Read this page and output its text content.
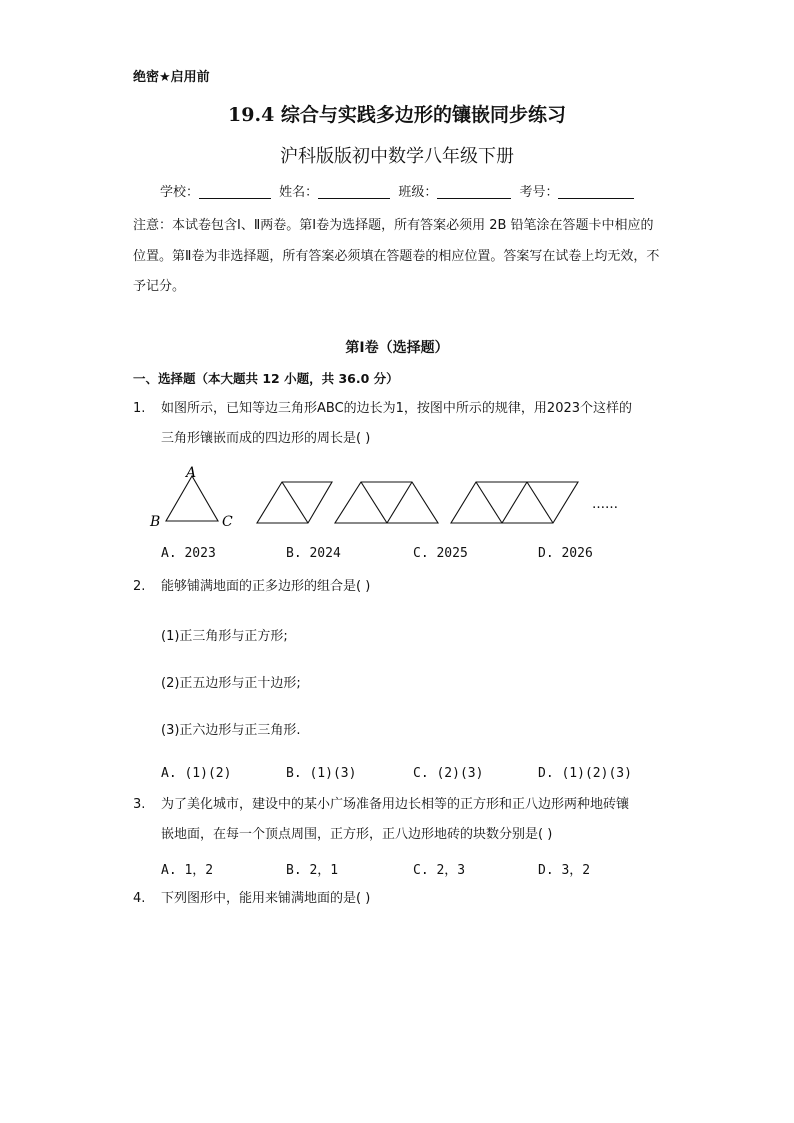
绝密★启用前
19.4 综合与实践多边形的镶嵌同步练习
沪科版版初中数学八年级下册
学校：	姓名：	班级：	考号：
注意：本试卷包含Ⅰ、Ⅱ两卷。第Ⅰ卷为选择题，所有答案必须用 2B 铅笔涂在答题卡中相应的位置。第Ⅱ卷为非选择题，所有答案必须填在答题卷的相应位置。答案写在试卷上均无效，不予记分。
第Ⅰ卷（选择题）
一、选择题（本大题共 12 小题，共 36.0 分）
1. 如图所示，已知等边三角形ABC的边长为1，按图中所示的规律，用2023个这样的
三角形镶嵌而成的四边形的周长是( )
A
B	C
……
A. 2023	B. 2024	C. 2025	D. 2026
2. 能够铺满地面的正多边形的组合是( )
(1)正三角形与正方形;
(2)正五边形与正十边形;
(3)正六边形与正三角形.
A. (1)(2)	B. (1)(3)	C. (2)(3)	D. (1)(2)(3)
3. 为了美化城市，建设中的某小广场准备用边长相等的正方形和正八边形两种地砖镶
嵌地面，在每一个顶点周围，正方形，正八边形地砖的块数分别是( )
A. 1，2	B. 2，1	C. 2，3	D. 3，2
4. 下列图形中，能用来铺满地面的是( )
